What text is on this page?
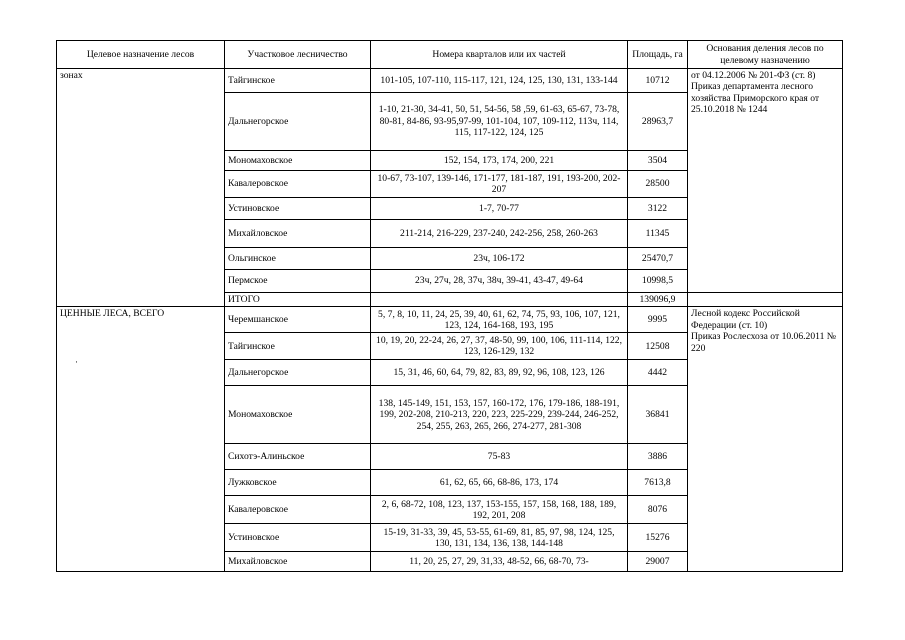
Целевое назначение лесов	Участковое лесничество	Номера кварталов или их частей	Площадь, га	Основания деления лесов по целевому назначению
зонах	Тайгинское	101-105, 107-110, 115-117, 121, 124, 125, 130, 131, 133-144	10712	от 04.12.2006 № 201-ФЗ (ст. 8)
Приказ департамента лесного хозяйства Приморского края от 25.10.2018 № 1244
	Дальнегорское	1-10, 21-30, 34-41, 50, 51, 54-56, 58 ,59, 61-63, 65-67, 73-78, 80-81, 84-86, 93-95,97-99, 101-104, 107, 109-112, 113ч, 114, 115, 117-122, 124, 125	28963,7	
	Мономаховское	152, 154, 173, 174, 200, 221	3504	
	Кавалеровское	10-67, 73-107, 139-146, 171-177, 181-187, 191, 193-200, 202-207	28500	
	Устиновское	1-7, 70-77	3122	
	Михайловское	211-214, 216-229, 237-240, 242-256, 258, 260-263	11345	
	Ольгинское	23ч, 106-172	25470,7	
	Пермское	23ч, 27ч, 28, 37ч, 38ч, 39-41, 43-47, 49-64	10998,5	
	ИТОГО		139096,9	
ЦЕННЫЕ ЛЕСА, ВСЕГО	Черемшанское	5, 7, 8, 10, 11, 24, 25, 39, 40, 61, 62, 74, 75, 93, 106, 107, 121, 123, 124, 164-168, 193, 195	9995	Лесной кодекс Российской Федерации (ст. 10)
Приказ Рослесхоза от 10.06.2011 № 220
	Тайгинское	10, 19, 20, 22-24, 26, 27, 37, 48-50, 99, 100, 106, 111-114, 122, 123, 126-129, 132	12508	
	Дальнегорское	15, 31, 46, 60, 64, 79, 82, 83, 89, 92, 96, 108, 123, 126	4442	
	Мономаховское	138, 145-149, 151, 153, 157, 160-172, 176, 179-186, 188-191, 199, 202-208, 210-213, 220, 223, 225-229, 239-244, 246-252, 254, 255, 263, 265, 266, 274-277, 281-308	36841	
	Сихотэ-Алиньское	75-83	3886	
	Лужковское	61, 62, 65, 66, 68-86, 173, 174	7613,8	
	Кавалеровское	2, 6, 68-72, 108, 123, 137, 153-155, 157, 158, 168, 188, 189, 192, 201, 208	8076	
	Устиновское	15-19, 31-33, 39, 45, 53-55, 61-69, 81, 85, 97, 98, 124, 125, 130, 131, 134, 136, 138, 144-148	15276	
	Михайловское	11, 20, 25, 27, 29, 31,33, 48-52, 66, 68-70, 73-	29007	
·
